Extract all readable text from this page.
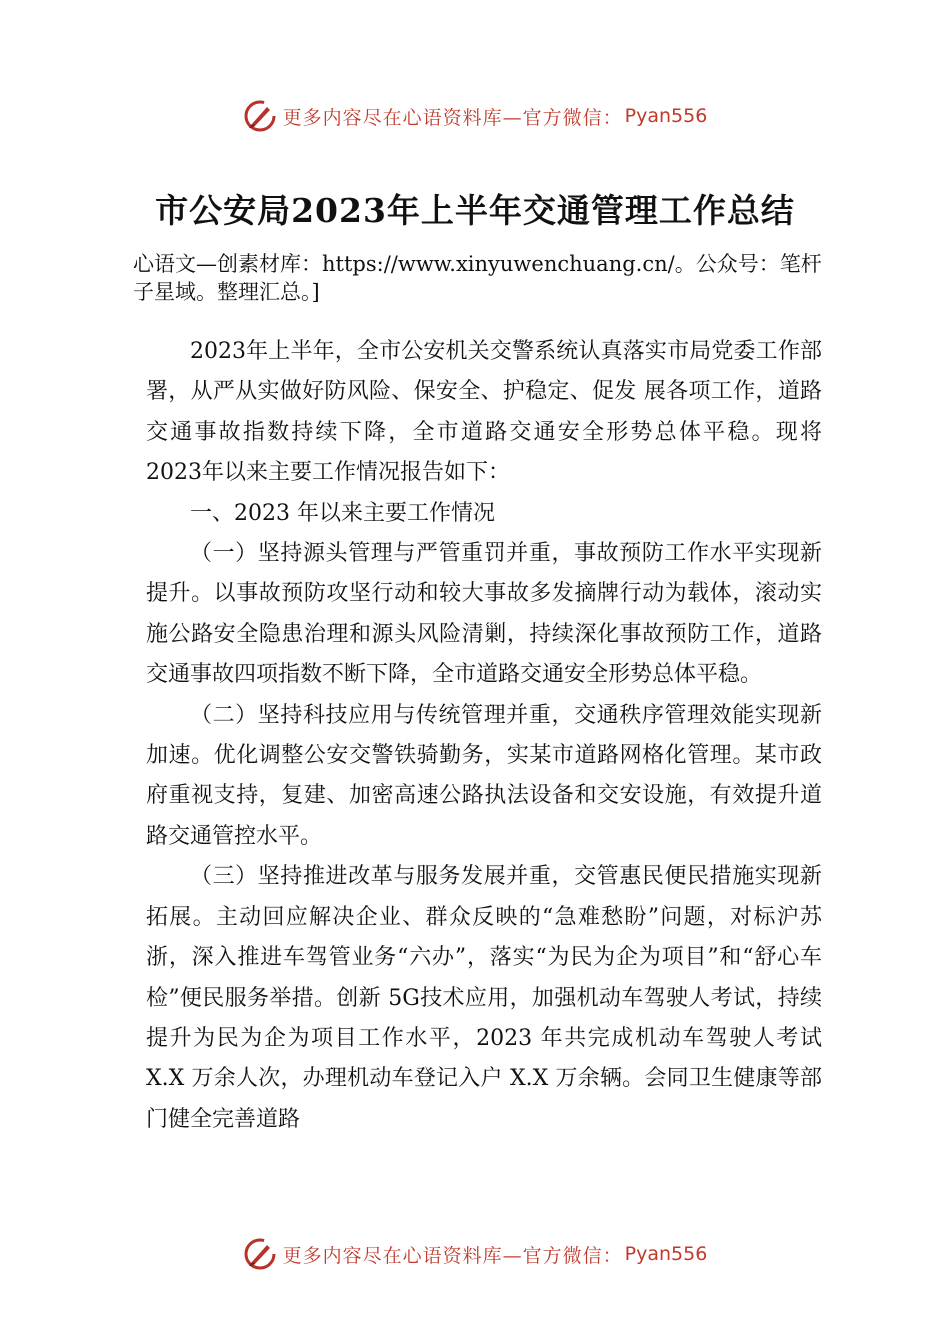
更多内容尽在心语资料库—官方微信： Pyan556
市公安局2023年上半年交通管理工作总结
心语文—创素材库：https://www.xinyuwenchuang.cn/。公众号：笔杆子星域。整理汇总。]

2023年上半年，全市公安机关交警系统认真落实市局党委工作部署，从严从实做好防风险、保安全、护稳定、促发 展各项工作，道路交通事故指数持续下降，全市道路交通安全形势总体平稳。现将 2023年以来主要工作情况报告如下：

一、2023 年以来主要工作情况

（一）坚持源头管理与严管重罚并重，事故预防工作水平实现新提升。以事故预防攻坚行动和较大事故多发摘牌行动为载体，滚动实施公路安全隐患治理和源头风险清剿，持续深化事故预防工作，道路交通事故四项指数不断下降，全市道路交通安全形势总体平稳。

（二）坚持科技应用与传统管理并重，交通秩序管理效能实现新加速。优化调整公安交警铁骑勤务，实某市道路网格化管理。某市政府重视支持，复建、加密高速公路执法设备和交安设施，有效提升道路交通管控水平。

（三）坚持推进改革与服务发展并重，交管惠民便民措施实现新拓展。主动回应解决企业、群众反映的“急难愁盼”问题，对标沪苏浙，深入推进车驾管业务“六办”，落实“为民为企为项目”和“舒心车检”便民服务举措。创新 5G技术应用，加强机动车驾驶人考试，持续提升为民为企为项目工作水平，2023 年共完成机动车驾驶人考试 X.X 万余人次，办理机动车登记入户 X.X 万余辆。会同卫生健康等部门健全完善道路

更多内容尽在心语资料库—官方微信： Pyan556
